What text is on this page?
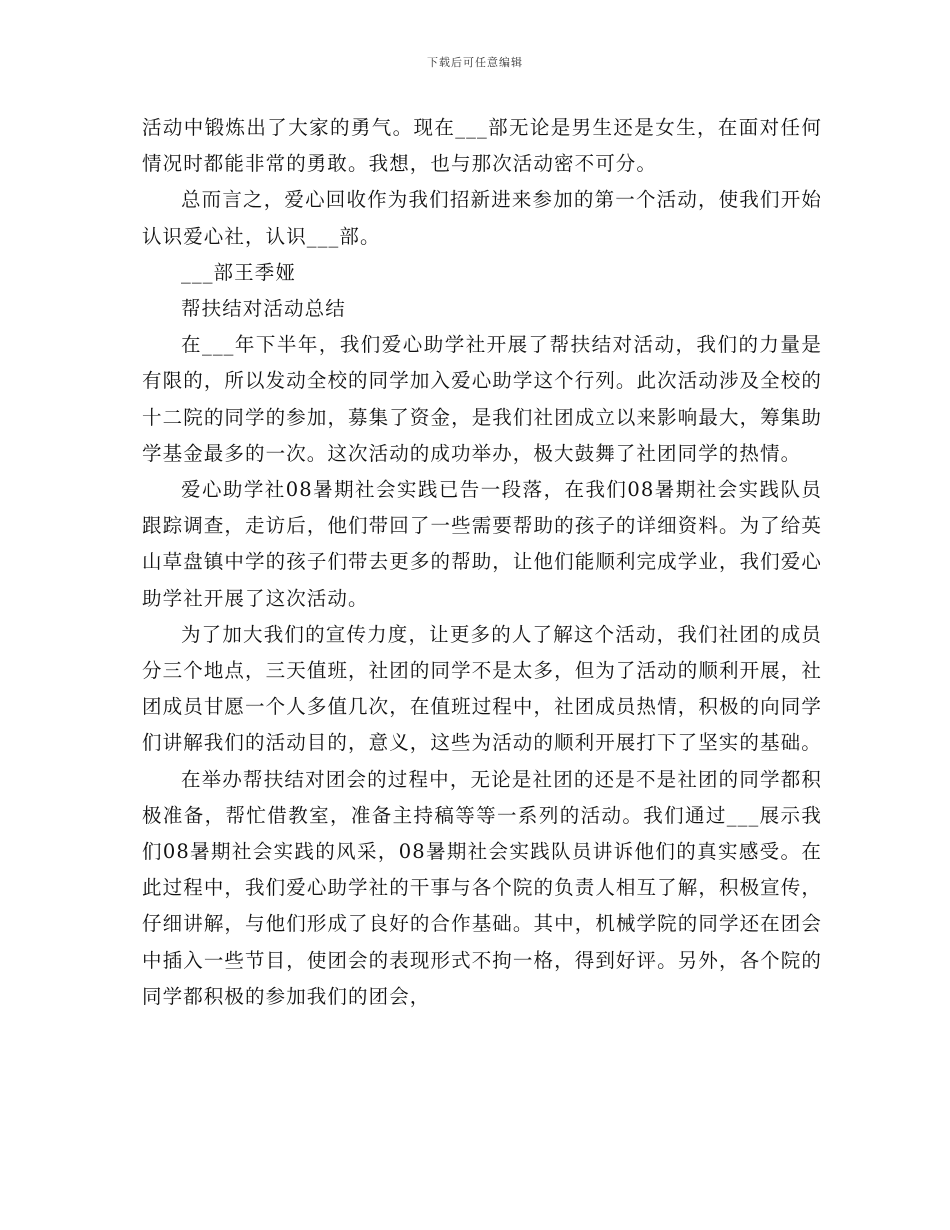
下载后可任意编辑

活动中锻炼出了大家的勇气。现在___部无论是男生还是女生，在面对任何情况时都能非常的勇敢。我想，也与那次活动密不可分。

总而言之，爱心回收作为我们招新进来参加的第一个活动，使我们开始认识爱心社，认识___部。

___部王季娅

帮扶结对活动总结

在___年下半年，我们爱心助学社开展了帮扶结对活动，我们的力量是有限的，所以发动全校的同学加入爱心助学这个行列。此次活动涉及全校的十二院的同学的参加，募集了资金，是我们社团成立以来影响最大，筹集助学基金最多的一次。这次活动的成功举办，极大鼓舞了社团同学的热情。

爱心助学社08暑期社会实践已告一段落，在我们08暑期社会实践队员跟踪调查，走访后，他们带回了一些需要帮助的孩子的详细资料。为了给英山草盘镇中学的孩子们带去更多的帮助，让他们能顺利完成学业，我们爱心助学社开展了这次活动。

为了加大我们的宣传力度，让更多的人了解这个活动，我们社团的成员分三个地点，三天值班，社团的同学不是太多，但为了活动的顺利开展，社团成员甘愿一个人多值几次，在值班过程中，社团成员热情，积极的向同学们讲解我们的活动目的，意义，这些为活动的顺利开展打下了坚实的基础。

在举办帮扶结对团会的过程中，无论是社团的还是不是社团的同学都积极准备，帮忙借教室，准备主持稿等等一系列的活动。我们通过___展示我们08暑期社会实践的风采，08暑期社会实践队员讲诉他们的真实感受。在此过程中，我们爱心助学社的干事与各个院的负责人相互了解，积极宣传，仔细讲解，与他们形成了良好的合作基础。其中，机械学院的同学还在团会中插入一些节目，使团会的表现形式不拘一格，得到好评。另外，各个院的同学都积极的参加我们的团会，
